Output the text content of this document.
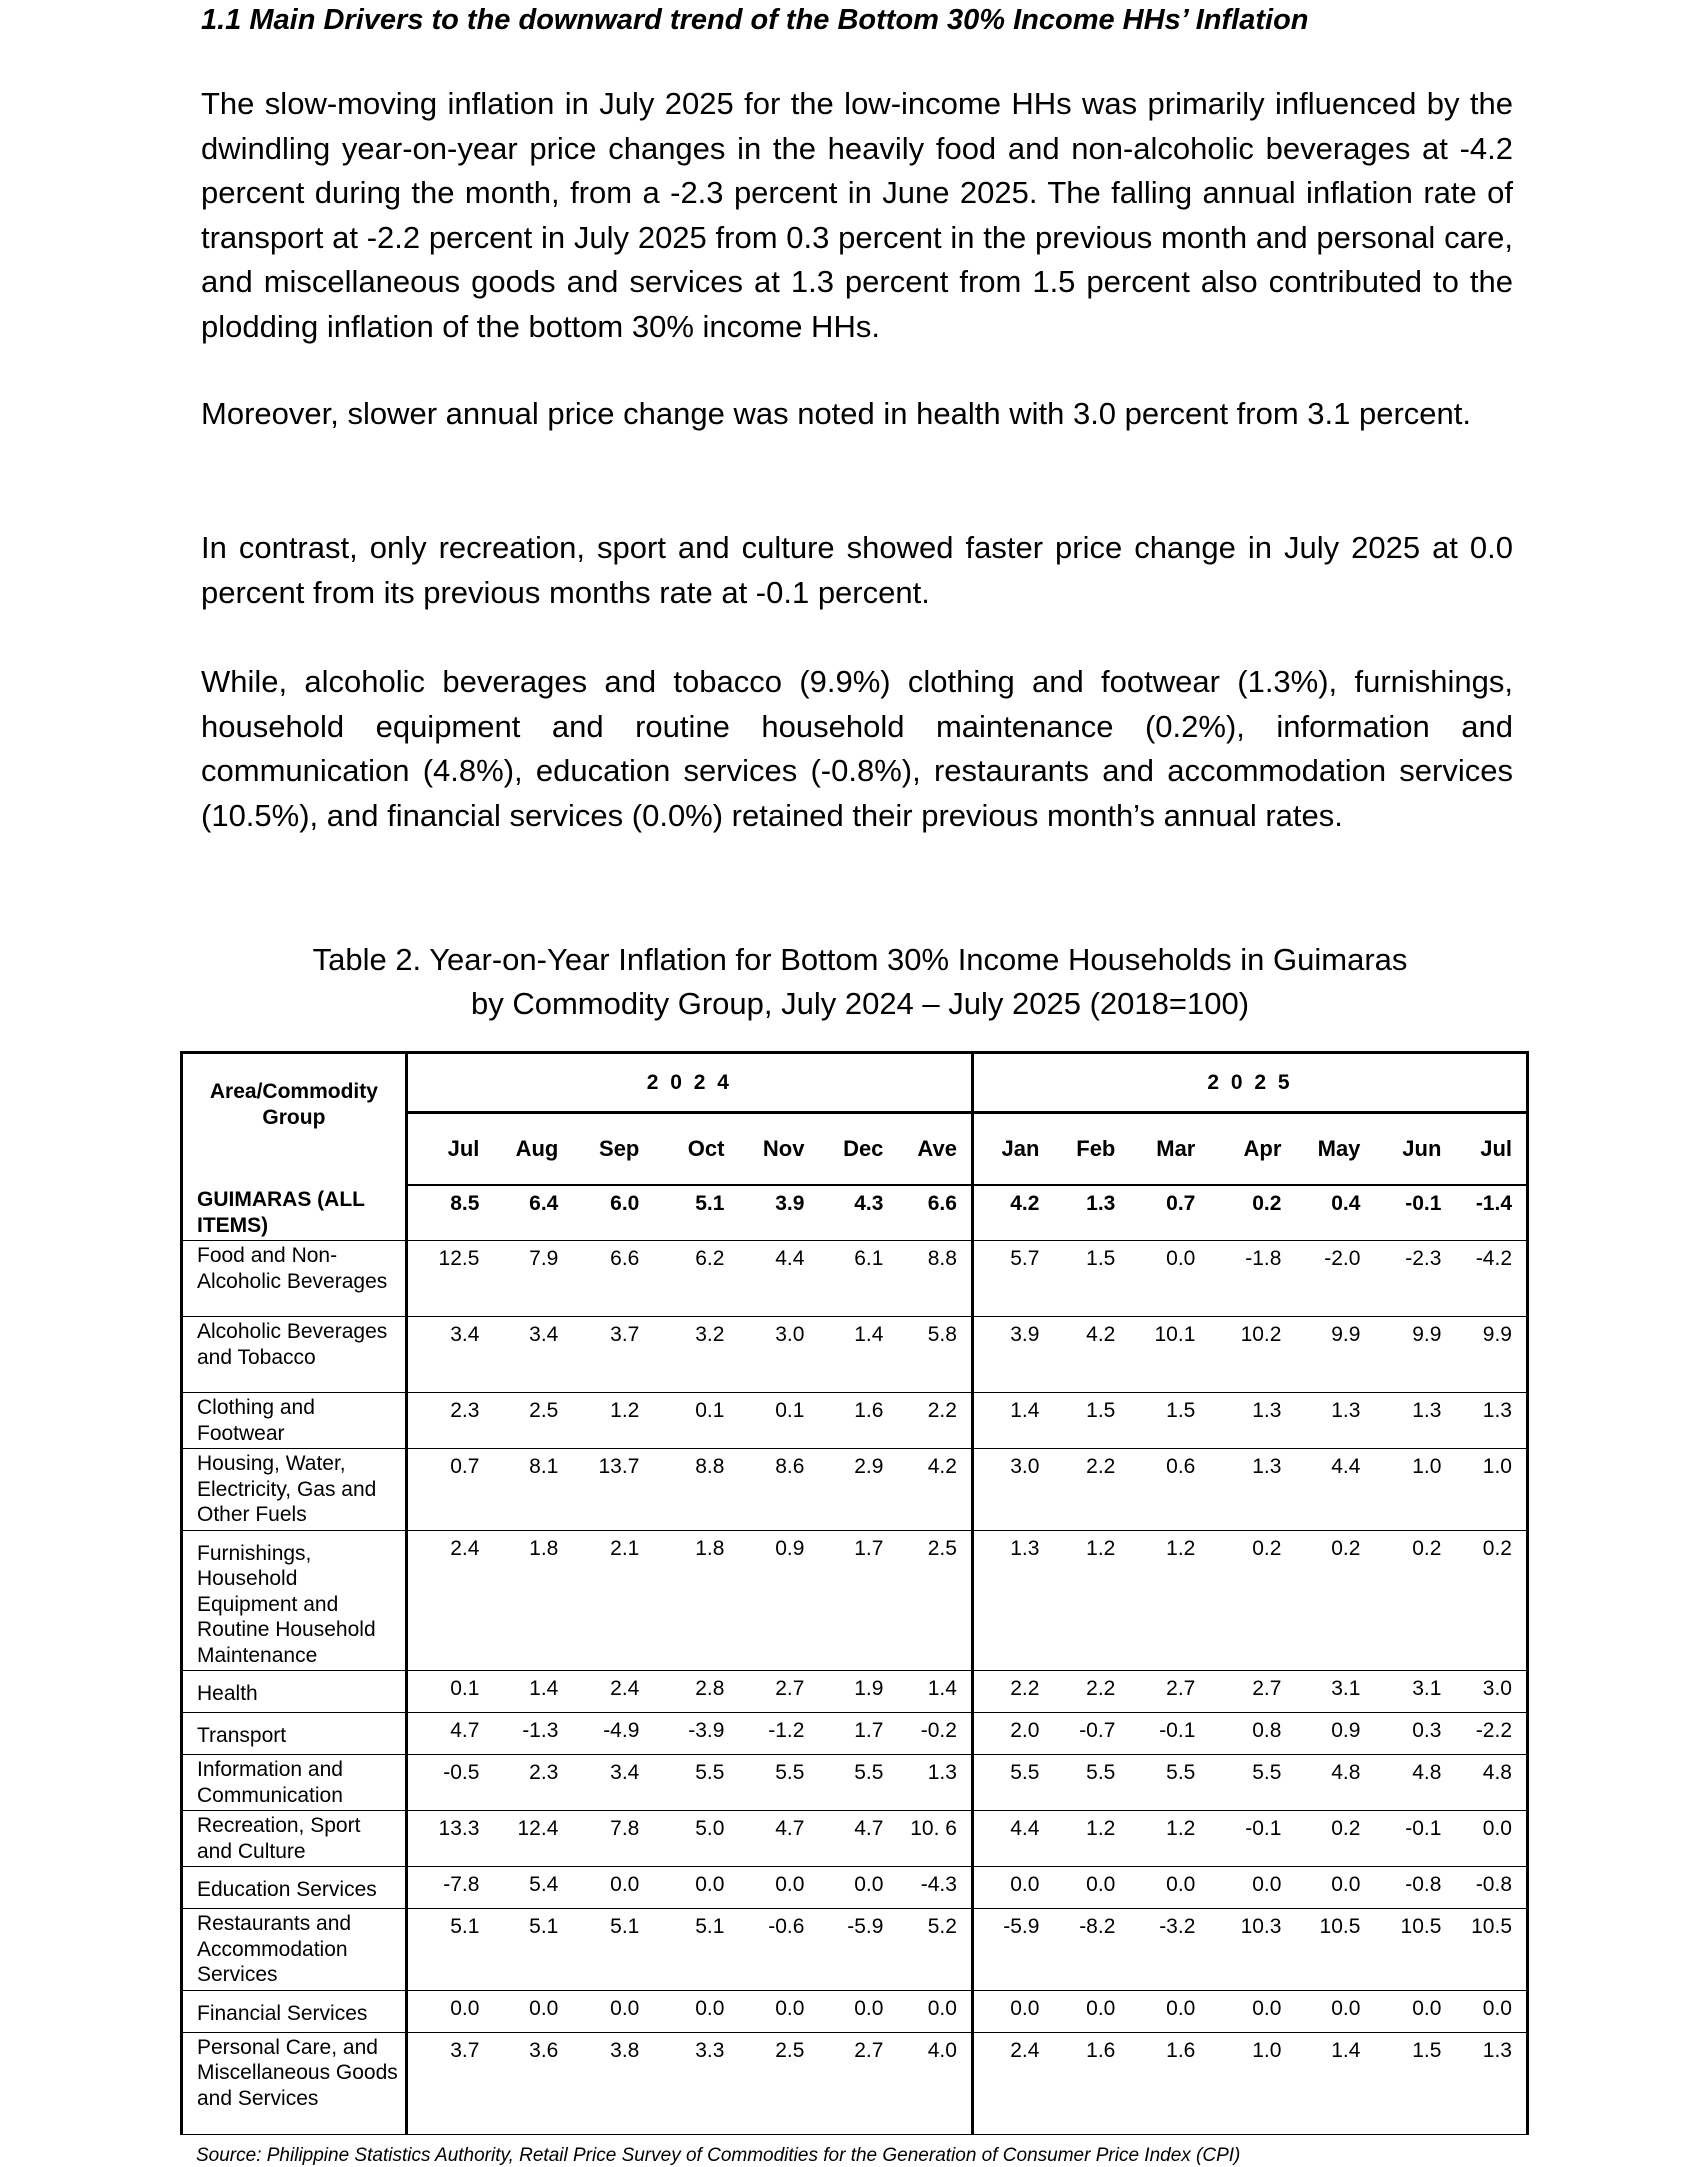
1.1 Main Drivers to the downward trend of the Bottom 30% Income HHs’ Inflation

The slow-moving inflation in July 2025 for the low-income HHs was primarily influenced by the dwindling year-on-year price changes in the heavily food and non-alcoholic beverages at -4.2 percent during the month, from a -2.3 percent in June 2025. The falling annual inflation rate of transport at -2.2 percent in July 2025 from 0.3 percent in the previous month and personal care, and miscellaneous goods and services at 1.3 percent from 1.5 percent also contributed to the plodding inflation of the bottom 30% income HHs.

Moreover, slower annual price change was noted in health with 3.0 percent from 3.1 percent.

In contrast, only recreation, sport and culture showed faster price change in July 2025 at 0.0 percent from its previous months rate at -0.1 percent.

While, alcoholic beverages and tobacco (9.9%) clothing and footwear (1.3%), furnishings, household equipment and routine household maintenance (0.2%), information and communication (4.8%), education services (-0.8%), restaurants and accommodation services (10.5%), and financial services (0.0%) retained their previous month’s annual rates.

Table 2. Year-on-Year Inflation for Bottom 30% Income Households in Guimaras
by Commodity Group, July 2024 – July 2025 (2018=100)

Area/Commodity Group	2 0 2 4							2 0 2 5						
	Jul	Aug	Sep	Oct	Nov	Dec	Ave	Jan	Feb	Mar	Apr	May	Jun	Jul
GUIMARAS (ALL ITEMS)	8.5	6.4	6.0	5.1	3.9	4.3	6.6	4.2	1.3	0.7	0.2	0.4	-0.1	-1.4
Food and Non-Alcoholic Beverages	12.5	7.9	6.6	6.2	4.4	6.1	8.8	5.7	1.5	0.0	-1.8	-2.0	-2.3	-4.2
Alcoholic Beverages and Tobacco	3.4	3.4	3.7	3.2	3.0	1.4	5.8	3.9	4.2	10.1	10.2	9.9	9.9	9.9
Clothing and Footwear	2.3	2.5	1.2	0.1	0.1	1.6	2.2	1.4	1.5	1.5	1.3	1.3	1.3	1.3
Housing, Water, Electricity, Gas and Other Fuels	0.7	8.1	13.7	8.8	8.6	2.9	4.2	3.0	2.2	0.6	1.3	4.4	1.0	1.0
Furnishings, Household Equipment and Routine Household Maintenance	2.4	1.8	2.1	1.8	0.9	1.7	2.5	1.3	1.2	1.2	0.2	0.2	0.2	0.2
Health	0.1	1.4	2.4	2.8	2.7	1.9	1.4	2.2	2.2	2.7	2.7	3.1	3.1	3.0
Transport	4.7	-1.3	-4.9	-3.9	-1.2	1.7	-0.2	2.0	-0.7	-0.1	0.8	0.9	0.3	-2.2
Information and Communication	-0.5	2.3	3.4	5.5	5.5	5.5	1.3	5.5	5.5	5.5	5.5	4.8	4.8	4.8
Recreation, Sport and Culture	13.3	12.4	7.8	5.0	4.7	4.7	10. 6	4.4	1.2	1.2	-0.1	0.2	-0.1	0.0
Education Services	-7.8	5.4	0.0	0.0	0.0	0.0	-4.3	0.0	0.0	0.0	0.0	0.0	-0.8	-0.8
Restaurants and Accommodation Services	5.1	5.1	5.1	5.1	-0.6	-5.9	5.2	-5.9	-8.2	-3.2	10.3	10.5	10.5	10.5
Financial Services	0.0	0.0	0.0	0.0	0.0	0.0	0.0	0.0	0.0	0.0	0.0	0.0	0.0	0.0
Personal Care, and Miscellaneous Goods and Services	3.7	3.6	3.8	3.3	2.5	2.7	4.0	2.4	1.6	1.6	1.0	1.4	1.5	1.3

Source: Philippine Statistics Authority, Retail Price Survey of Commodities for the Generation of Consumer Price Index (CPI)
